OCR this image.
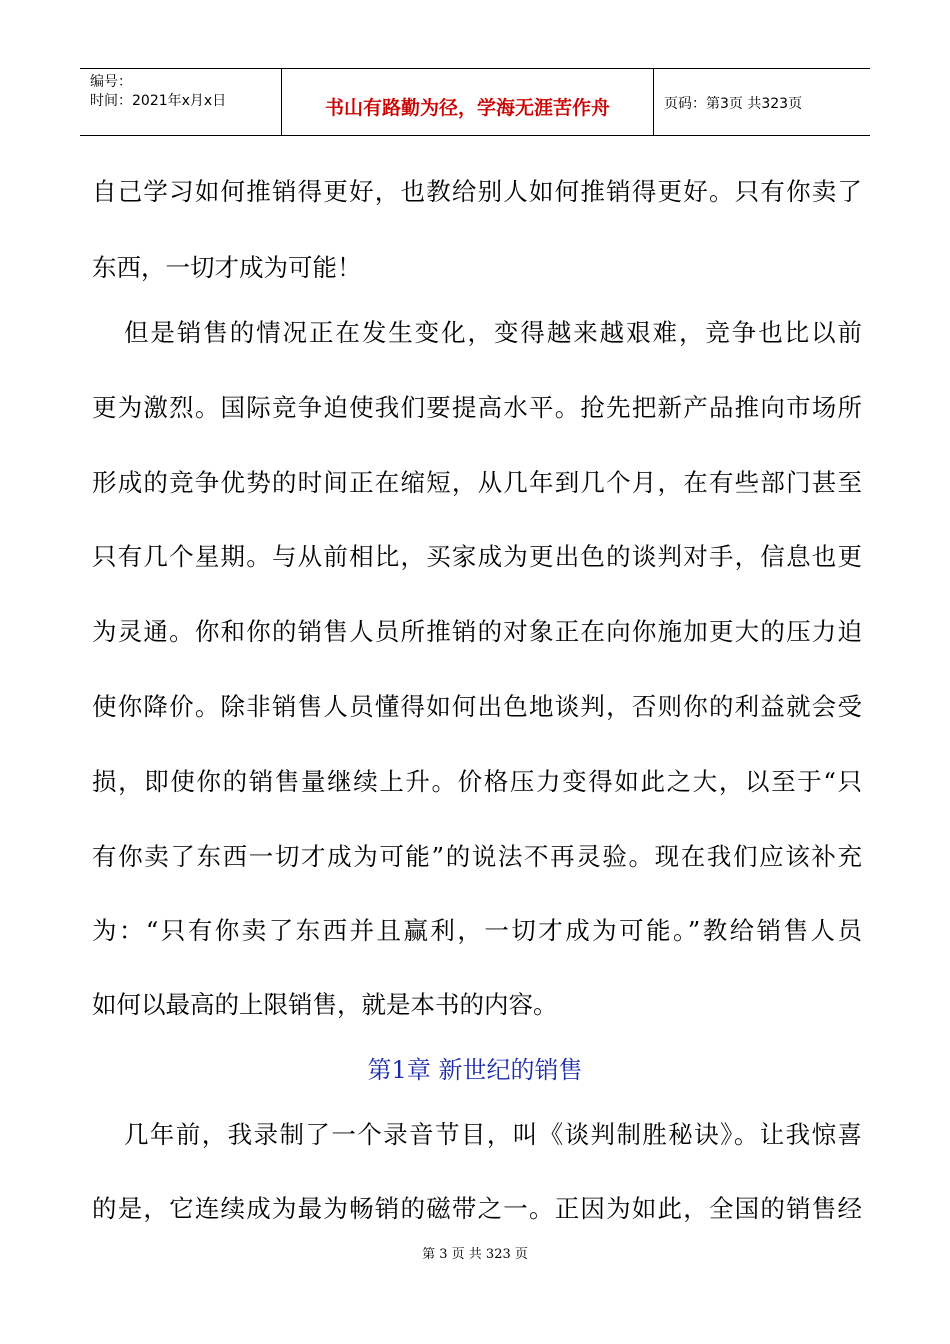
编号：
时间：2021年x月x日	书山有路勤为径，学海无涯苦作舟	页码：第3页 共323页
自己学习如何推销得更好，也教给别人如何推销得更好。只有你卖了
东西，一切才成为可能！
但是销售的情况正在发生变化，变得越来越艰难，竞争也比以前
更为激烈。国际竞争迫使我们要提高水平。抢先把新产品推向市场所
形成的竞争优势的时间正在缩短，从几年到几个月，在有些部门甚至
只有几个星期。与从前相比，买家成为更出色的谈判对手，信息也更
为灵通。你和你的销售人员所推销的对象正在向你施加更大的压力迫
使你降价。除非销售人员懂得如何出色地谈判，否则你的利益就会受
损，即使你的销售量继续上升。价格压力变得如此之大，以至于“只
有你卖了东西一切才成为可能”的说法不再灵验。现在我们应该补充
为：“只有你卖了东西并且赢利，一切才成为可能。”教给销售人员
如何以最高的上限销售，就是本书的内容。
第1章 新世纪的销售
几年前，我录制了一个录音节目，叫《谈判制胜秘诀》。让我惊喜
的是，它连续成为最为畅销的磁带之一。正因为如此，全国的销售经
第 3 页 共 323 页
